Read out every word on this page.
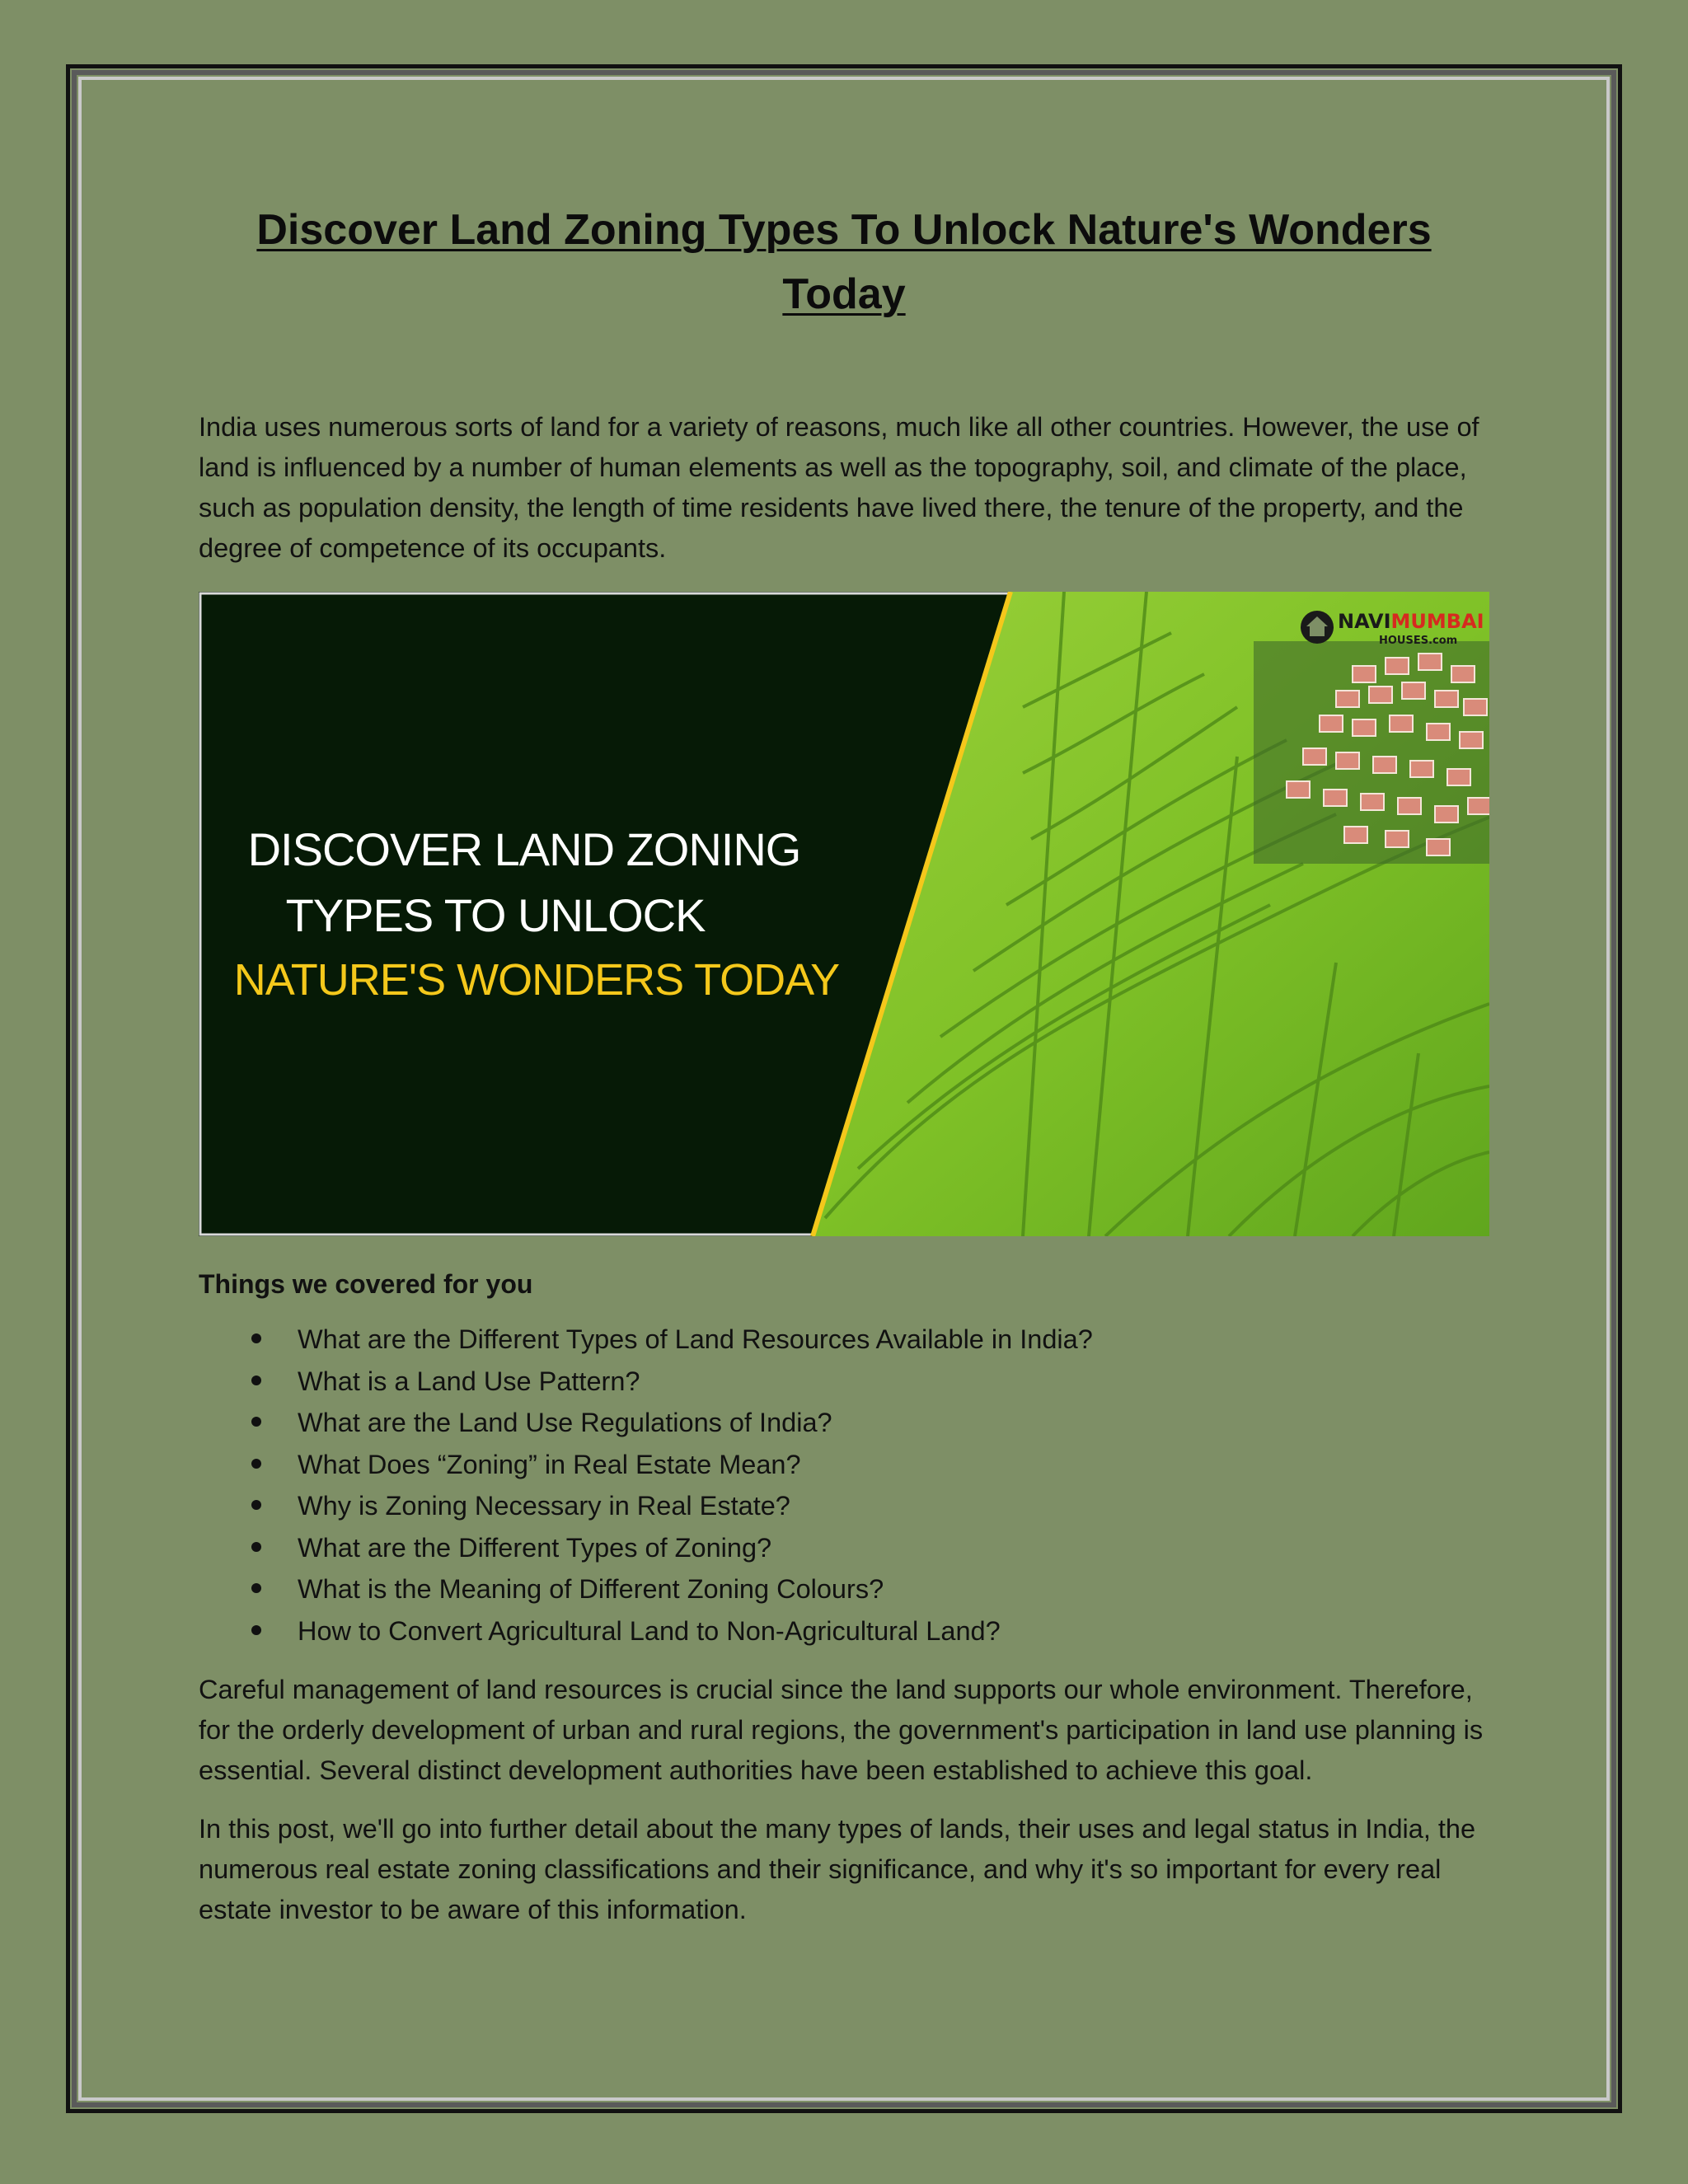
Discover Land Zoning Types To Unlock Nature's Wonders Today

India uses numerous sorts of land for a variety of reasons, much like all other countries. However, the use of land is influenced by a number of human elements as well as the topography, soil, and climate of the place, such as population density, the length of time residents have lived there, the tenure of the property, and the degree of competence of its occupants.

DISCOVER LAND ZONING
TYPES TO UNLOCK
NATURE'S WONDERS TODAY
NAVIMUMBAI
HOUSES.com

Things we covered for you

What are the Different Types of Land Resources Available in India?
What is a Land Use Pattern?
What are the Land Use Regulations of India?
What Does “Zoning” in Real Estate Mean?
Why is Zoning Necessary in Real Estate?
What are the Different Types of Zoning?
What is the Meaning of Different Zoning Colours?
How to Convert Agricultural Land to Non-Agricultural Land?

Careful management of land resources is crucial since the land supports our whole environment. Therefore, for the orderly development of urban and rural regions, the government's participation in land use planning is essential. Several distinct development authorities have been established to achieve this goal.

In this post, we'll go into further detail about the many types of lands, their uses and legal status in India, the numerous real estate zoning classifications and their significance, and why it's so important for every real estate investor to be aware of this information.
